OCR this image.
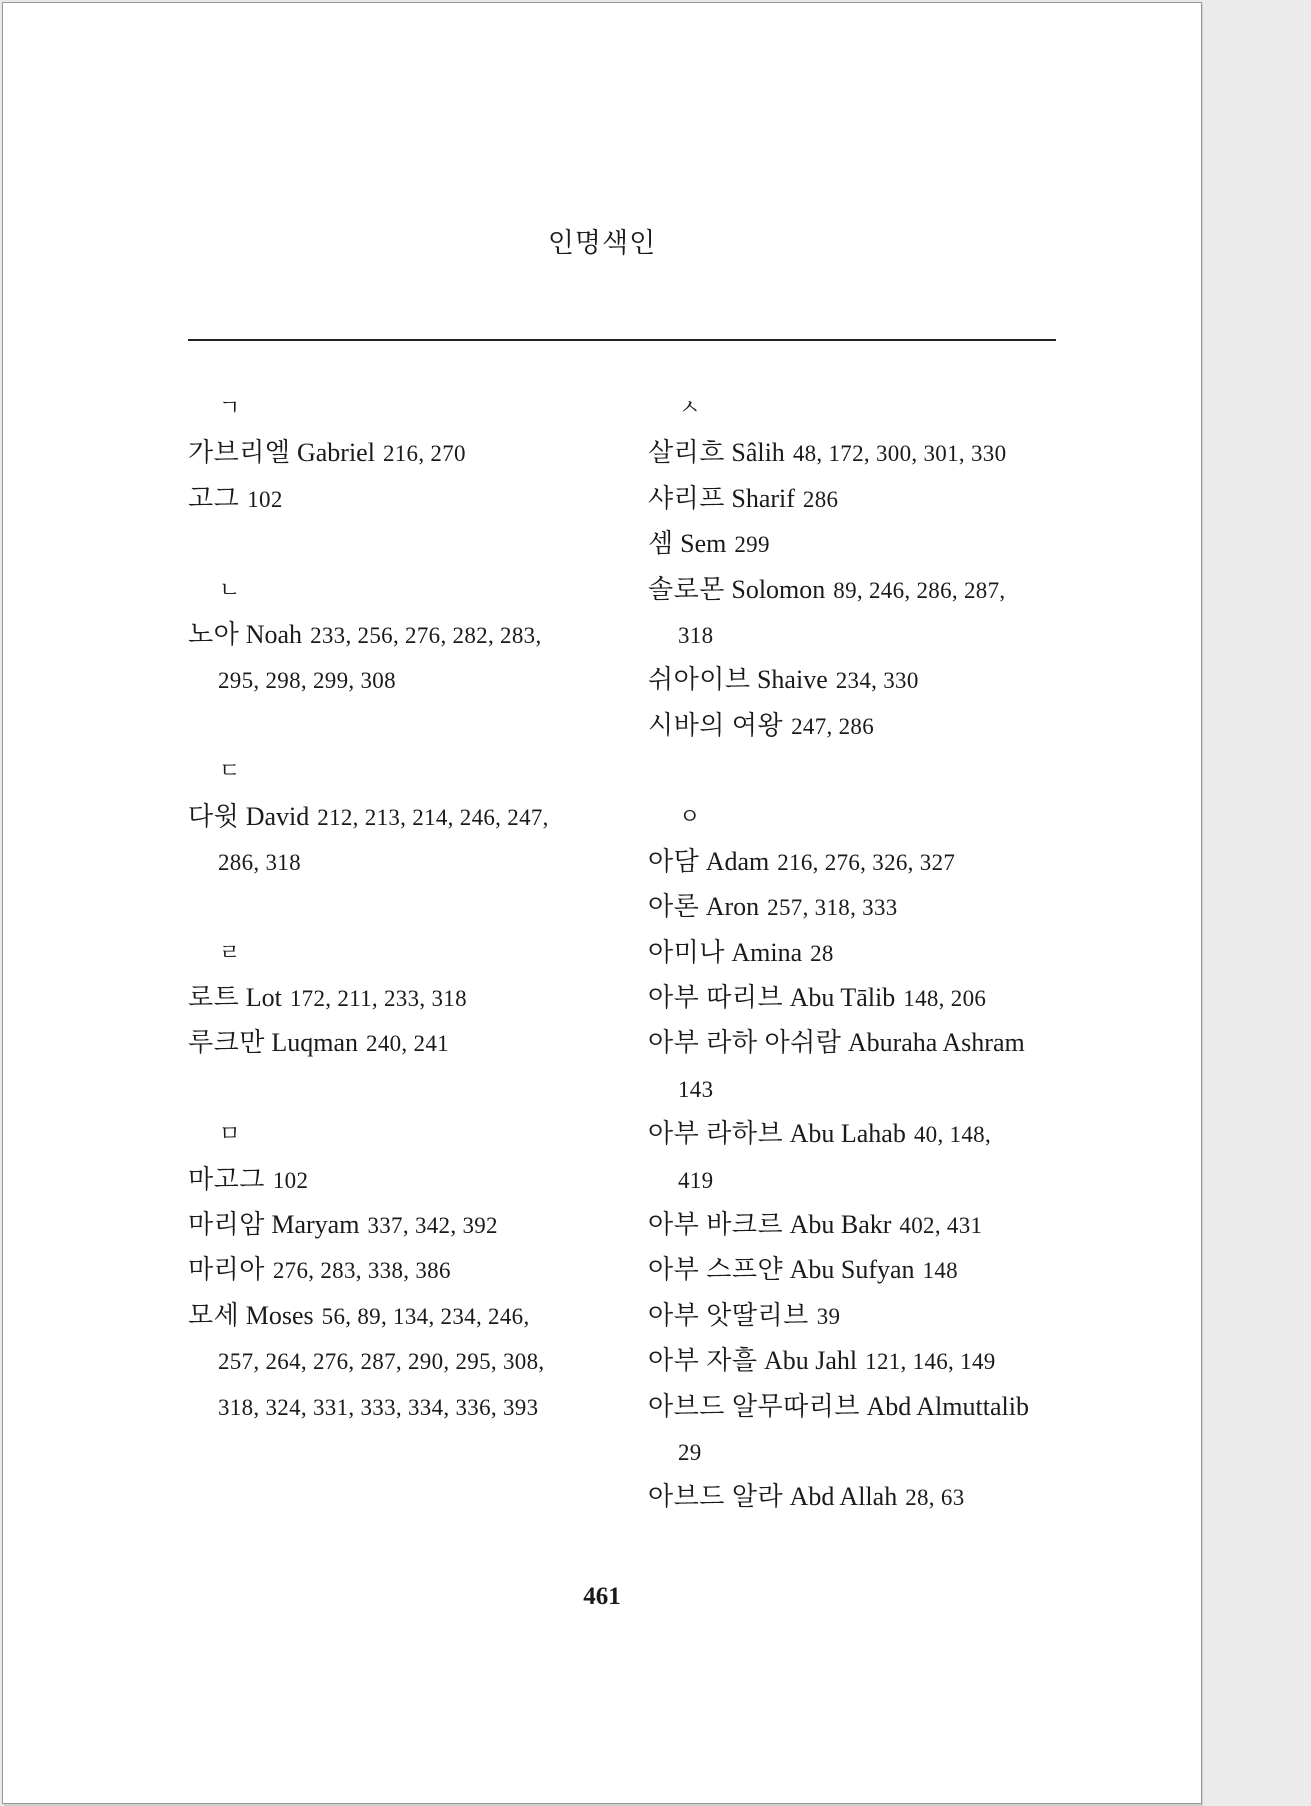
인명색인
ㄱ
가브리엘 Gabriel 216, 270
고그 102
ㄴ
노아 Noah 233, 256, 276, 282, 283,
295, 298, 299, 308
ㄷ
다윗 David 212, 213, 214, 246, 247,
286, 318
ㄹ
로트 Lot 172, 211, 233, 318
루크만 Luqman 240, 241
ㅁ
마고그 102
마리암 Maryam 337, 342, 392
마리아 276, 283, 338, 386
모세 Moses 56, 89, 134, 234, 246,
257, 264, 276, 287, 290, 295, 308,
318, 324, 331, 333, 334, 336, 393
ㅅ
살리흐 Sâlih 48, 172, 300, 301, 330
샤리프 Sharif 286
셈 Sem 299
솔로몬 Solomon 89, 246, 286, 287,
318
쉬아이브 Shaive 234, 330
시바의 여왕 247, 286
ㅇ
아담 Adam 216, 276, 326, 327
아론 Aron 257, 318, 333
아미나 Amina 28
아부 따리브 Abu Tālib 148, 206
아부 라하 아쉬람 Aburaha Ashram
143
아부 라하브 Abu Lahab 40, 148,
419
아부 바크르 Abu Bakr 402, 431
아부 스프얀 Abu Sufyan 148
아부 앗딸리브 39
아부 자흘 Abu Jahl 121, 146, 149
아브드 알무따리브 Abd Almuttalib
29
아브드 알라 Abd Allah 28, 63
461
